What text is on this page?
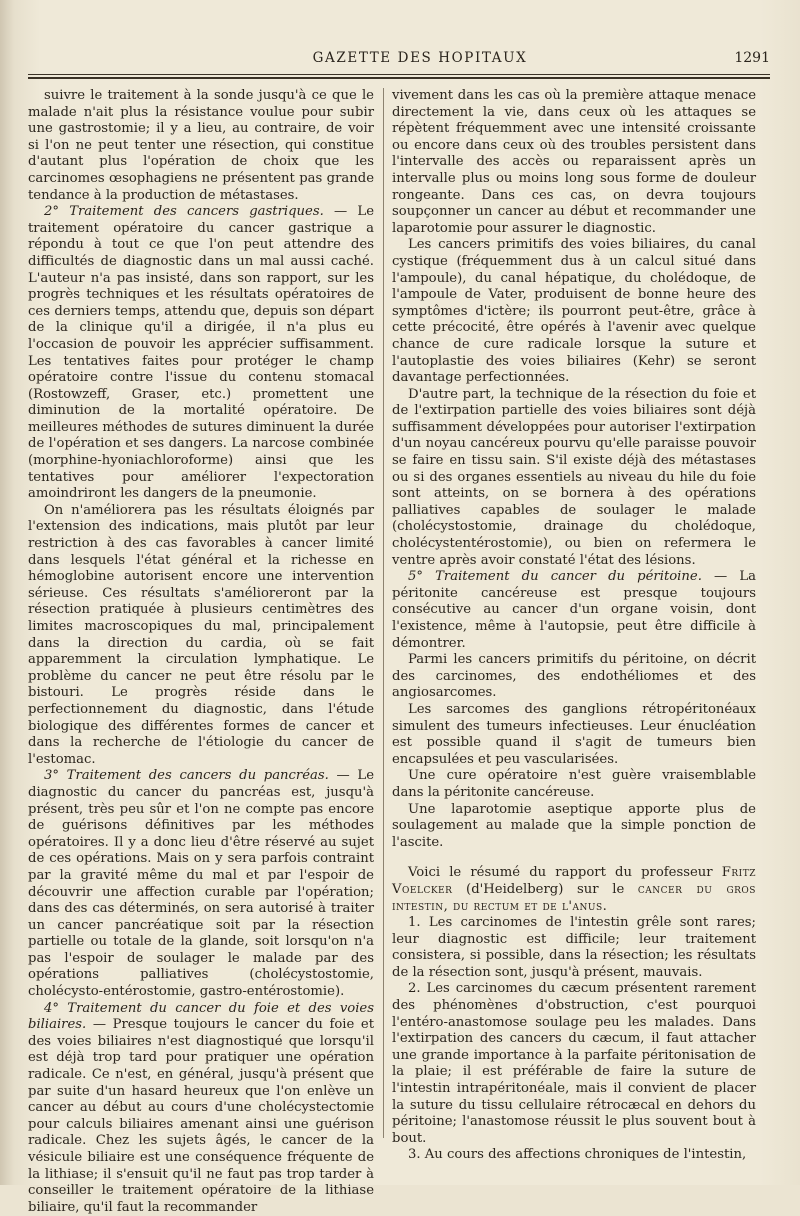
GAZETTE DES HOPITAUX	1291

suivre le traitement à la sonde jusqu'à ce que le malade n'ait plus la résistance voulue pour subir une gastrostomie; il y a lieu, au contraire, de voir si l'on ne peut tenter une résection, qui constitue d'autant plus l'opération de choix que les carcinomes œsophagiens ne présentent pas grande tendance à la production de métastases.

2° Traitement des cancers gastriques. — Le traitement opératoire du cancer gastrique a répondu à tout ce que l'on peut attendre des difficultés de diagnostic dans un mal aussi caché. L'auteur n'a pas insisté, dans son rapport, sur les progrès techniques et les résultats opératoires de ces derniers temps, attendu que, depuis son départ de la clinique qu'il a dirigée, il n'a plus eu l'occasion de pouvoir les apprécier suffisamment. Les tentatives faites pour protéger le champ opératoire contre l'issue du contenu stomacal (Rostowzeff, Graser, etc.) promettent une diminution de la mortalité opératoire. De meilleures méthodes de sutures diminuent la durée de l'opération et ses dangers. La narcose combinée (morphine-hyoniachloroforme) ainsi que les tentatives pour améliorer l'expectoration amoindriront les dangers de la pneumonie.

On n'améliorera pas les résultats éloignés par l'extension des indications, mais plutôt par leur restriction à des cas favorables à cancer limité dans lesquels l'état général et la richesse en hémoglobine autorisent encore une intervention sérieuse. Ces résultats s'amélioreront par la résection pratiquée à plusieurs centimètres des limites macroscopiques du mal, principalement dans la direction du cardia, où se fait apparemment la circulation lymphatique. Le problème du cancer ne peut être résolu par le bistouri. Le progrès réside dans le perfectionnement du diagnostic, dans l'étude biologique des différentes formes de cancer et dans la recherche de l'étiologie du cancer de l'estomac.

3° Traitement des cancers du pancréas. — Le diagnostic du cancer du pancréas est, jusqu'à présent, très peu sûr et l'on ne compte pas encore de guérisons définitives par les méthodes opératoires. Il y a donc lieu d'être réservé au sujet de ces opérations. Mais on y sera parfois contraint par la gravité même du mal et par l'espoir de découvrir une affection curable par l'opération; dans des cas déterminés, on sera autorisé à traiter un cancer pancréatique soit par la résection partielle ou totale de la glande, soit lorsqu'on n'a pas l'espoir de soulager le malade par des opérations palliatives (cholécystostomie, cholécysto-entérostomie, gastro-entérostomie).

4° Traitement du cancer du foie et des voies biliaires. — Presque toujours le cancer du foie et des voies biliaires n'est diagnostiqué que lorsqu'il est déjà trop tard pour pratiquer une opération radicale. Ce n'est, en général, jusqu'à présent que par suite d'un hasard heureux que l'on enlève un cancer au début au cours d'une cholécystectomie pour calculs biliaires amenant ainsi une guérison radicale. Chez les sujets âgés, le cancer de la vésicule biliaire est une conséquence fréquente de la lithiase; il s'ensuit qu'il ne faut pas trop tarder à conseiller le traitement opératoire de la lithiase biliaire, qu'il faut la recommander

vivement dans les cas où la première attaque menace directement la vie, dans ceux où les attaques se répètent fréquemment avec une intensité croissante ou encore dans ceux où des troubles persistent dans l'intervalle des accès ou reparaissent après un intervalle plus ou moins long sous forme de douleur rongeante. Dans ces cas, on devra toujours soupçonner un cancer au début et recommander une laparotomie pour assurer le diagnostic.

Les cancers primitifs des voies biliaires, du canal cystique (fréquemment dus à un calcul situé dans l'ampoule), du canal hépatique, du cholédoque, de l'ampoule de Vater, produisent de bonne heure des symptômes d'ictère; ils pourront peut-être, grâce à cette précocité, être opérés à l'avenir avec quelque chance de cure radicale lorsque la suture et l'autoplastie des voies biliaires (Kehr) se seront davantage perfectionnées.

D'autre part, la technique de la résection du foie et de l'extirpation partielle des voies biliaires sont déjà suffisamment développées pour autoriser l'extirpation d'un noyau cancéreux pourvu qu'elle paraisse pouvoir se faire en tissu sain. S'il existe déjà des métastases ou si des organes essentiels au niveau du hile du foie sont atteints, on se bornera à des opérations palliatives capables de soulager le malade (cholécystostomie, drainage du cholédoque, cholécystentérostomie), ou bien on refermera le ventre après avoir constaté l'état des lésions.

5° Traitement du cancer du péritoine. — La péritonite cancéreuse est presque toujours consécutive au cancer d'un organe voisin, dont l'existence, même à l'autopsie, peut être difficile à démontrer.

Parmi les cancers primitifs du péritoine, on décrit des carcinomes, des endothéliomes et des angiosarcomes.

Les sarcomes des ganglions rétropéritonéaux simulent des tumeurs infectieuses. Leur énucléation est possible quand il s'agit de tumeurs bien encapsulées et peu vascularisées.

Une cure opératoire n'est guère vraisemblable dans la péritonite cancéreuse.

Une laparotomie aseptique apporte plus de soulagement au malade que la simple ponction de l'ascite.

Voici le résumé du rapport du professeur Fritz Voelcker (d'Heidelberg) sur le cancer du gros intestin, du rectum et de l'anus.

1. Les carcinomes de l'intestin grêle sont rares; leur diagnostic est difficile; leur traitement consistera, si possible, dans la résection; les résultats de la résection sont, jusqu'à présent, mauvais.

2. Les carcinomes du cæcum présentent rarement des phénomènes d'obstruction, c'est pourquoi l'entéro-anastomose soulage peu les malades. Dans l'extirpation des cancers du cæcum, il faut attacher une grande importance à la parfaite péritonisation de la plaie; il est préférable de faire la suture de l'intestin intrapéritonéale, mais il convient de placer la suture du tissu cellulaire rétrocæcal en dehors du péritoine; l'anastomose réussit le plus souvent bout à bout.

3. Au cours des affections chroniques de l'intestin,
